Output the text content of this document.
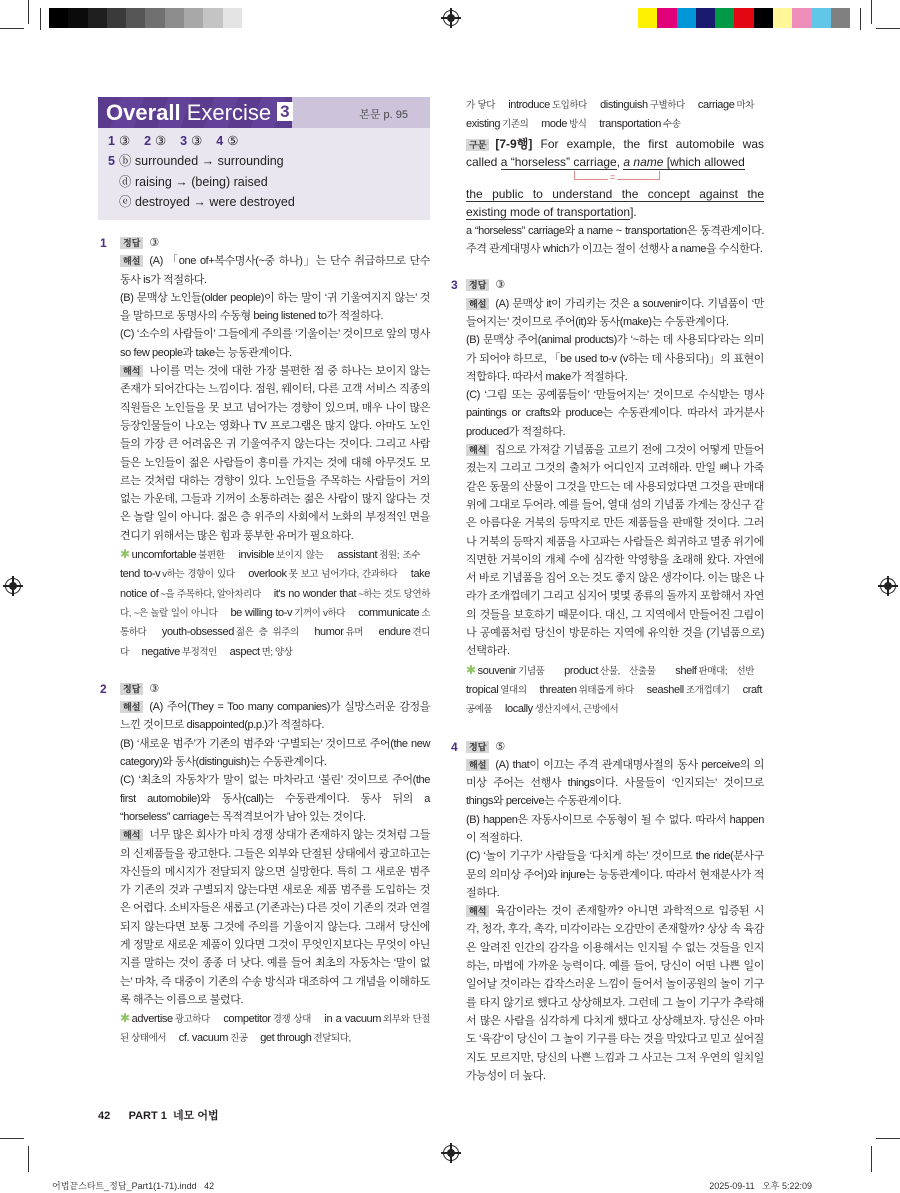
Overall Exercise 3	본문 p. 95
1 ③ 2 ③ 3 ③ 4 ⑤
5 ⓑ surrounded → surrounding
ⓓ raising → (being) raised
ⓔ destroyed → were destroyed
1	정답 ③

해설 (A) 「one of+복수명사(~중 하나)」는 단수 취급하므로 단수 동사 is가 적절하다.

(B) 문맥상 노인들(older people)이 하는 말이 ‘귀 기울여지지 않는’ 것을 말하므로 동명사의 수동형 being listened to가 적절하다.

(C) ‘소수의 사람들이’ 그들에게 주의를 ‘기울이는’ 것이므로 앞의 명사 so few people과 take는 능동관계이다.

해석 나이를 먹는 것에 대한 가장 불편한 점 중 하나는 보이지 않는 존재가 되어간다는 느낌이다. 점원, 웨이터, 다른 고객 서비스 직종의 직원들은 노인들을 못 보고 넘어가는 경향이 있으며, 매우 나이 많은 등장인물들이 나오는 영화나 TV 프로그램은 많지 않다. 아마도 노인들의 가장 큰 어려움은 귀 기울여주지 않는다는 것이다. 그리고 사람들은 노인들이 젊은 사람들이 흥미를 가지는 것에 대해 아무것도 모르는 것처럼 대하는 경향이 있다. 노인들을 주목하는 사람들이 거의 없는 가운데, 그들과 기꺼이 소통하려는 젊은 사람이 많지 않다는 것은 놀랄 일이 아니다. 젊은 층 위주의 사회에서 노화의 부정적인 면을 견디기 위해서는 많은 힘과 풍부한 유머가 필요하다.

✱ uncomfortable 불편한 invisible 보이지 않는 assistant 점원; 조수 tend to-v v하는 경향이 있다 overlook 못 보고 넘어가다, 간과하다 take notice of ~을 주목하다, 알아차리다 it's no wonder that ~하는 것도 당연하다, ~은 놀랄 일이 아니다 be willing to-v 기꺼이 v하다 communicate 소통하다 youth-obsessed 젊은 층 위주의 humor 유머 endure 견디다 negative 부정적인 aspect 면; 양상

2	정답 ③

해설 (A) 주어(They = Too many companies)가 실망스러운 감정을 느낀 것이므로 disappointed(p.p.)가 적절하다.

(B) ‘새로운 범주’가 기존의 범주와 ‘구별되는’ 것이므로 주어(the new category)와 동사(distinguish)는 수동관계이다.

(C) ‘최초의 자동차’가 말이 없는 마차라고 ‘불린’ 것이므로 주어(the first automobile)와 동사(call)는 수동관계이다. 동사 뒤의 a “horseless” carriage는 목적격보어가 남아 있는 것이다.

해석 너무 많은 회사가 마치 경쟁 상대가 존재하지 않는 것처럼 그들의 신제품들을 광고한다. 그들은 외부와 단절된 상태에서 광고하고는 자신들의 메시지가 전달되지 않으면 실망한다. 특히 그 새로운 범주가 기존의 것과 구별되지 않는다면 새로운 제품 범주를 도입하는 것은 어렵다. 소비자들은 새롭고 (기존과는) 다른 것이 기존의 것과 연결되지 않는다면 보통 그것에 주의를 기울이지 않는다. 그래서 당신에게 정말로 새로운 제품이 있다면 그것이 무엇인지보다는 무엇이 아닌지를 말하는 것이 종종 더 낫다. 예를 들어 최초의 자동차는 ‘말이 없는’ 마차, 즉 대중이 기존의 수송 방식과 대조하여 그 개념을 이해하도록 해주는 이름으로 불렸다.

✱ advertise 광고하다 competitor 경쟁 상대 in a vacuum 외부와 단절된 상태에서 cf. vacuum 진공 get through 전달되다,

가 닿다 introduce 도입하다 distinguish 구별하다 carriage 마차 existing 기존의 mode 방식 transportation 수송

구문 [7-9행] For example, the first automobile was called a “horseless” carriage, a name [which allowed

=

the public to understand the concept against the existing mode of transportation].

a “horseless” carriage와 a name ~ transportation은 동격관계이다. 주격 관계대명사 which가 이끄는 절이 선행사 a name을 수식한다.

3	정답 ③

해설 (A) 문맥상 it이 가리키는 것은 a souvenir이다. 기념품이 ‘만들어지는’ 것이므로 주어(it)와 동사(make)는 수동관계이다.

(B) 문맥상 주어(animal products)가 ‘~하는 데 사용되다’라는 의미가 되어야 하므로, 「be used to-v (v하는 데 사용되다)」의 표현이 적합하다. 따라서 make가 적절하다.

(C) ‘그림 또는 공예품들이’ ‘만들어지는’ 것이므로 수식받는 명사 paintings or crafts와 produce는 수동관계이다. 따라서 과거분사 produced가 적절하다.

해석 집으로 가져갈 기념품을 고르기 전에 그것이 어떻게 만들어졌는지 그리고 그것의 출처가 어디인지 고려해라. 만일 뼈나 가죽 같은 동물의 산물이 그것을 만드는 데 사용되었다면 그것을 판매대 위에 그대로 두어라. 예를 들어, 열대 섬의 기념품 가게는 장신구 같은 아름다운 거북의 등딱지로 만든 제품들을 판매할 것이다. 그러나 거북의 등딱지 제품을 사고파는 사람들은 희귀하고 멸종 위기에 직면한 거북이의 개체 수에 심각한 악영향을 초래해 왔다. 자연에서 바로 기념품을 집어 오는 것도 좋지 않은 생각이다. 이는 많은 나라가 조개껍데기 그리고 심지어 몇몇 종류의 돌까지 포함해서 자연의 것들을 보호하기 때문이다. 대신, 그 지역에서 만들어진 그림이나 공예품처럼 당신이 방문하는 지역에 유익한 것을 (기념품으로) 선택하라.

✱ souvenir 기념품 product 산물, 산출물 shelf 판매대; 선반 tropical 열대의 threaten 위태롭게 하다 seashell 조개껍데기 craft공예품 locally 생산지에서, 근방에서

4	정답 ⑤

해설 (A) that이 이끄는 주격 관계대명사절의 동사 perceive의 의미상 주어는 선행사 things이다. 사물들이 ‘인지되는’ 것이므로 things와 perceive는 수동관계이다.

(B) happen은 자동사이므로 수동형이 될 수 없다. 따라서 happen이 적절하다.

(C) ‘놀이 기구가’ 사람들을 ‘다치게 하는’ 것이므로 the ride(분사구문의 의미상 주어)와 injure는 능동관계이다. 따라서 현재분사가 적절하다.

해석 육감이라는 것이 존재할까? 아니면 과학적으로 입증된 시각, 청각, 후각, 촉각, 미각이라는 오감만이 존재할까? 상상 속 육감은 알려진 인간의 감각을 이용해서는 인지될 수 없는 것들을 인지하는, 마법에 가까운 능력이다. 예를 들어, 당신이 어떤 나쁜 일이 일어날 것이라는 갑작스러운 느낌이 들어서 놀이공원의 놀이 기구를 타지 않기로 했다고 상상해보자. 그런데 그 놀이 기구가 추락해서 많은 사람을 심각하게 다치게 했다고 상상해보자. 당신은 아마도 ‘육감’이 당신이 그 놀이 기구를 타는 것을 막았다고 믿고 싶어질지도 모르지만, 당신의 나쁜 느낌과 그 사고는 그저 우연의 일치일 가능성이 더 높다.

42 PART 1 네모 어법
어법끝스타트_정답_Part1(1-71).indd   42	2025-09-11   오후 5:22:09
